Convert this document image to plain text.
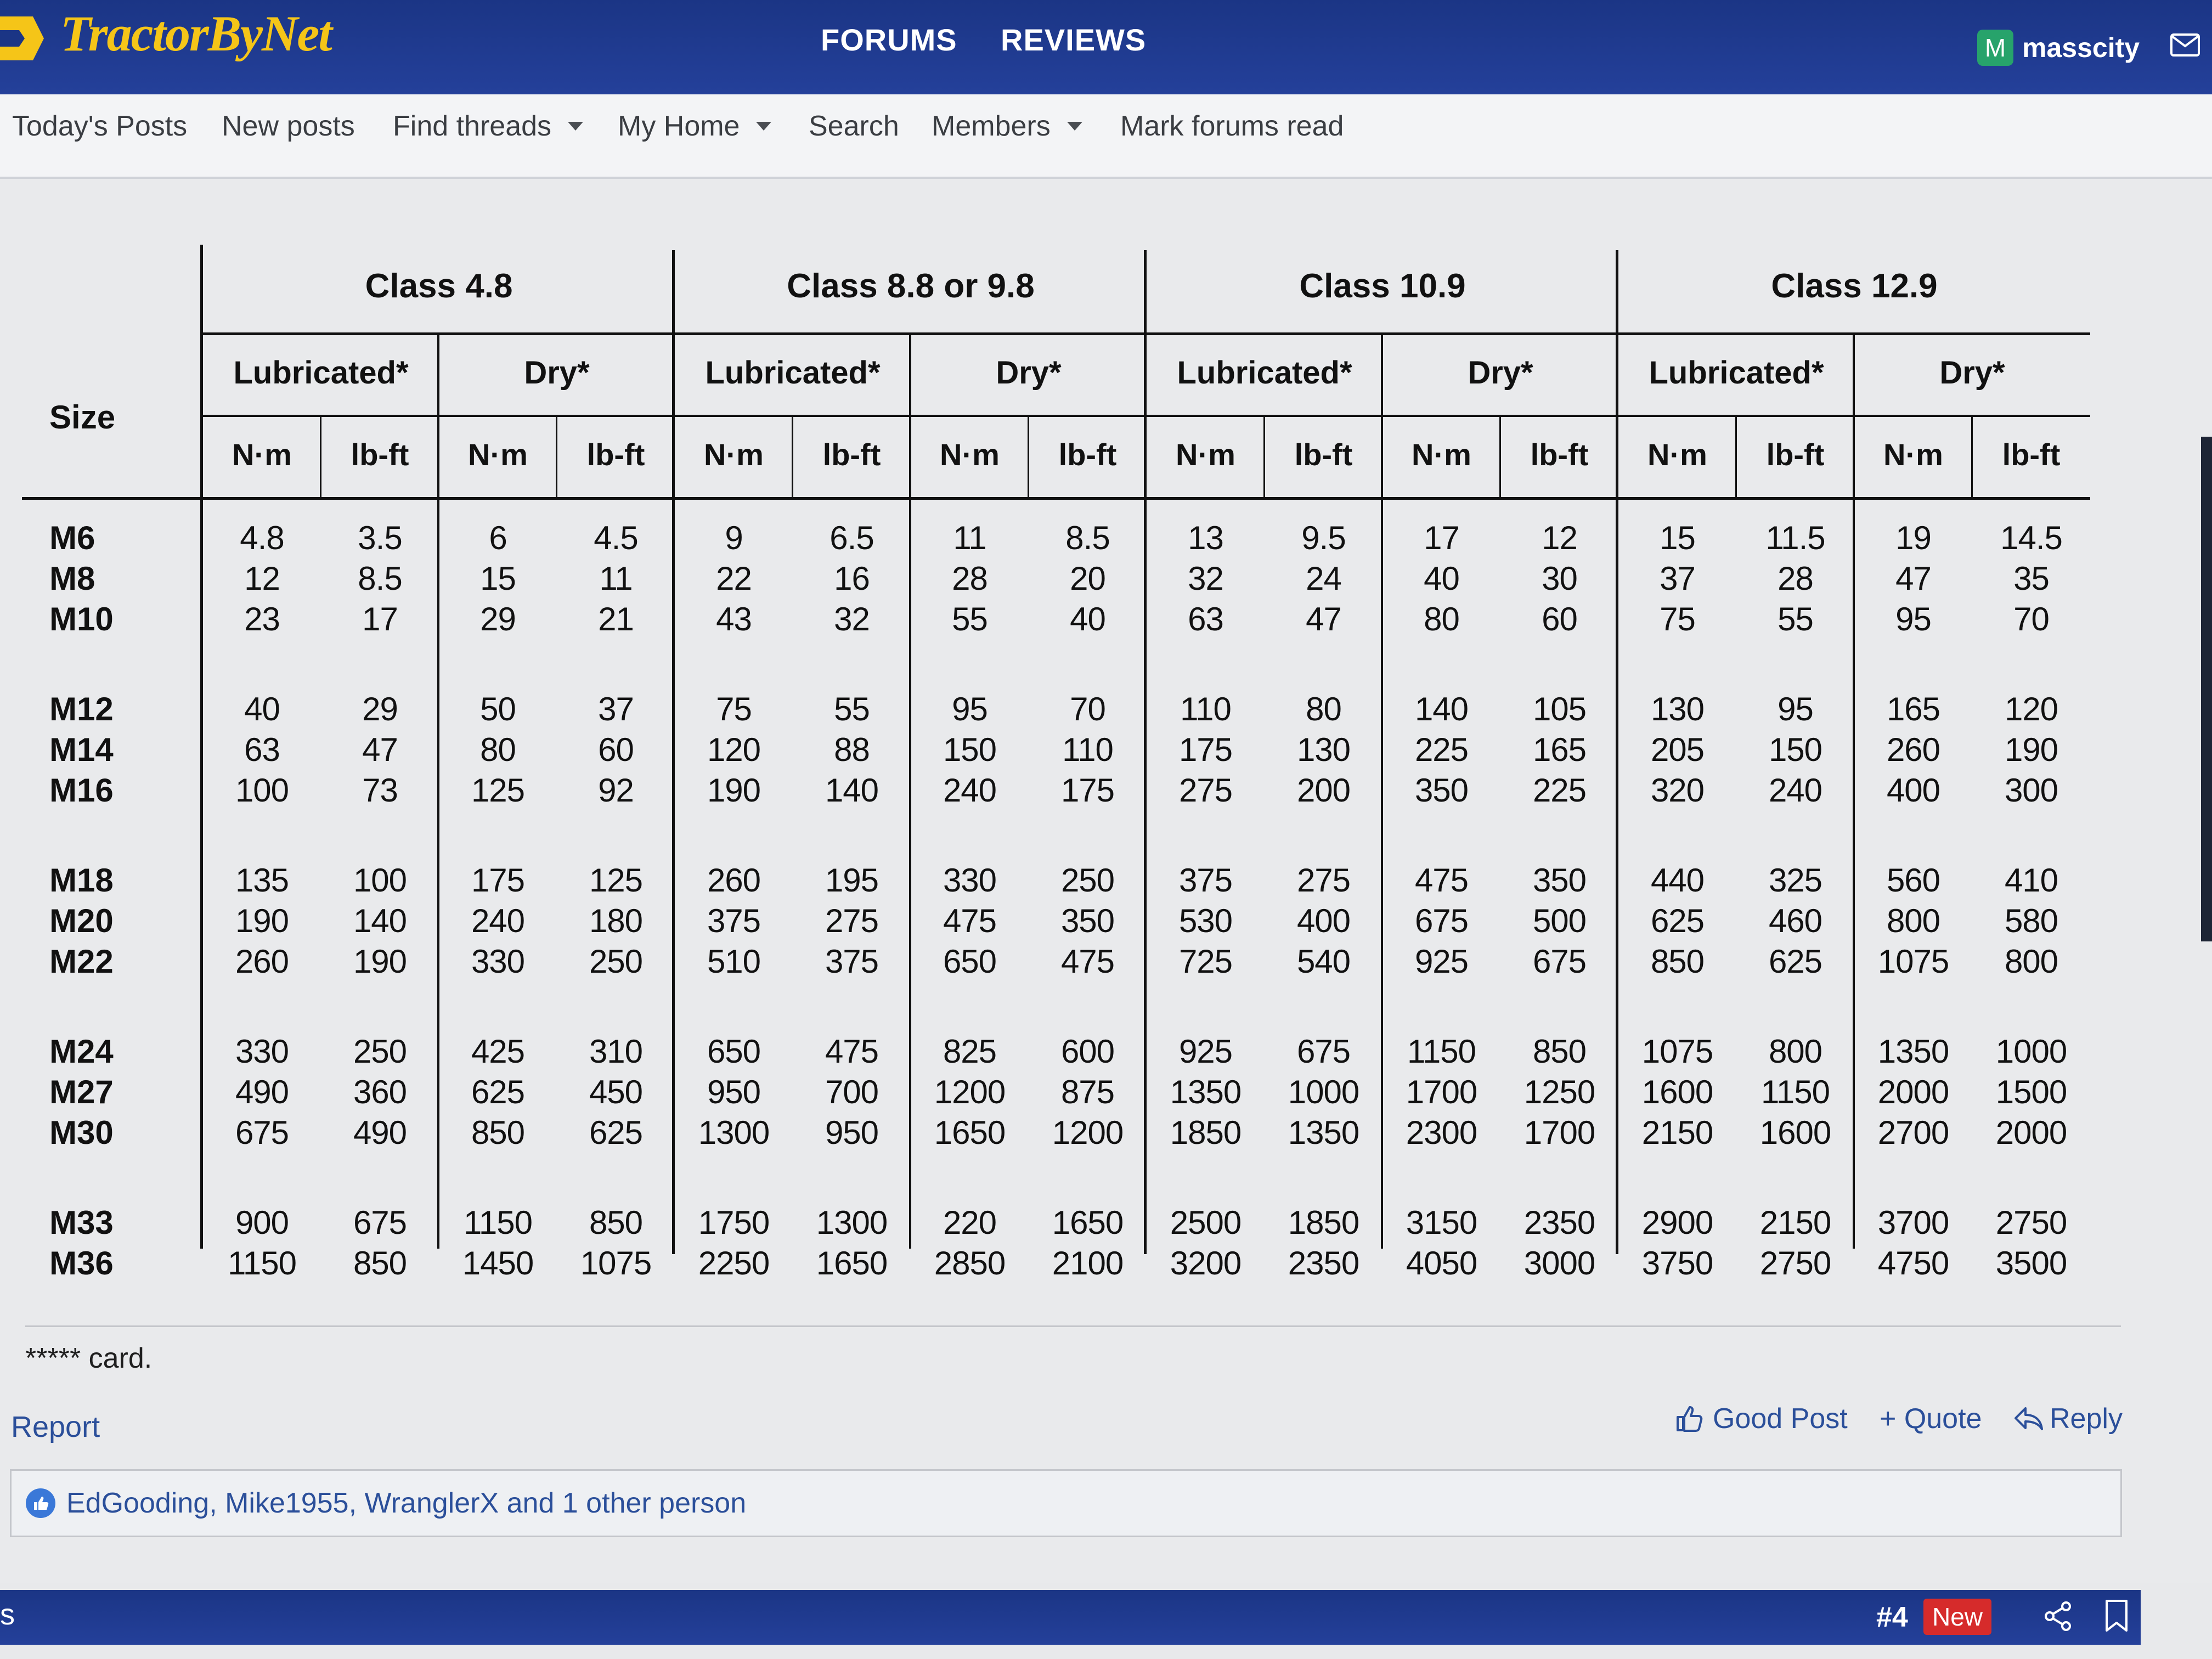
TractorByNet	FORUMS REVIEWS	M masscity
Today's Posts New posts Find threads My Home Search Members Mark forums read
Size
Class 4.8
Lubricated*
N·m	lb-ft
Dry*
N·m	lb-ft
Class 8.8 or 9.8
Lubricated*
N·m	lb-ft
Dry*
N·m	lb-ft
Class 10.9
Lubricated*
N·m	lb-ft
Dry*
N·m	lb-ft
Class 12.9
Lubricated*
N·m	lb-ft
Dry*
N·m	lb-ft
M6	4.8	3.5	6	4.5	9	6.5	11	8.5	13	9.5	17	12	15	11.5	19	14.5
M8	12	8.5	15	11	22	16	28	20	32	24	40	30	37	28	47	35
M10	23	17	29	21	43	32	55	40	63	47	80	60	75	55	95	70
M12	40	29	50	37	75	55	95	70	110	80	140	105	130	95	165	120
M14	63	47	80	60	120	88	150	110	175	130	225	165	205	150	260	190
M16	100	73	125	92	190	140	240	175	275	200	350	225	320	240	400	300
M18	135	100	175	125	260	195	330	250	375	275	475	350	440	325	560	410
M20	190	140	240	180	375	275	475	350	530	400	675	500	625	460	800	580
M22	260	190	330	250	510	375	650	475	725	540	925	675	850	625	1075	800
M24	330	250	425	310	650	475	825	600	925	675	1150	850	1075	800	1350	1000
M27	490	360	625	450	950	700	1200	875	1350	1000	1700	1250	1600	1150	2000	1500
M30	675	490	850	625	1300	950	1650	1200	1850	1350	2300	1700	2150	1600	2700	2000
M33	900	675	1150	850	1750	1300	220	1650	2500	1850	3150	2350	2900	2150	3700	2750
M36	1150	850	1450	1075	2250	1650	2850	2100	3200	2350	4050	3000	3750	2750	4750	3500
***** card.
Report	Good Post + Quote Reply
EdGooding, Mike1955, WranglerX and 1 other person
s	#4 New
